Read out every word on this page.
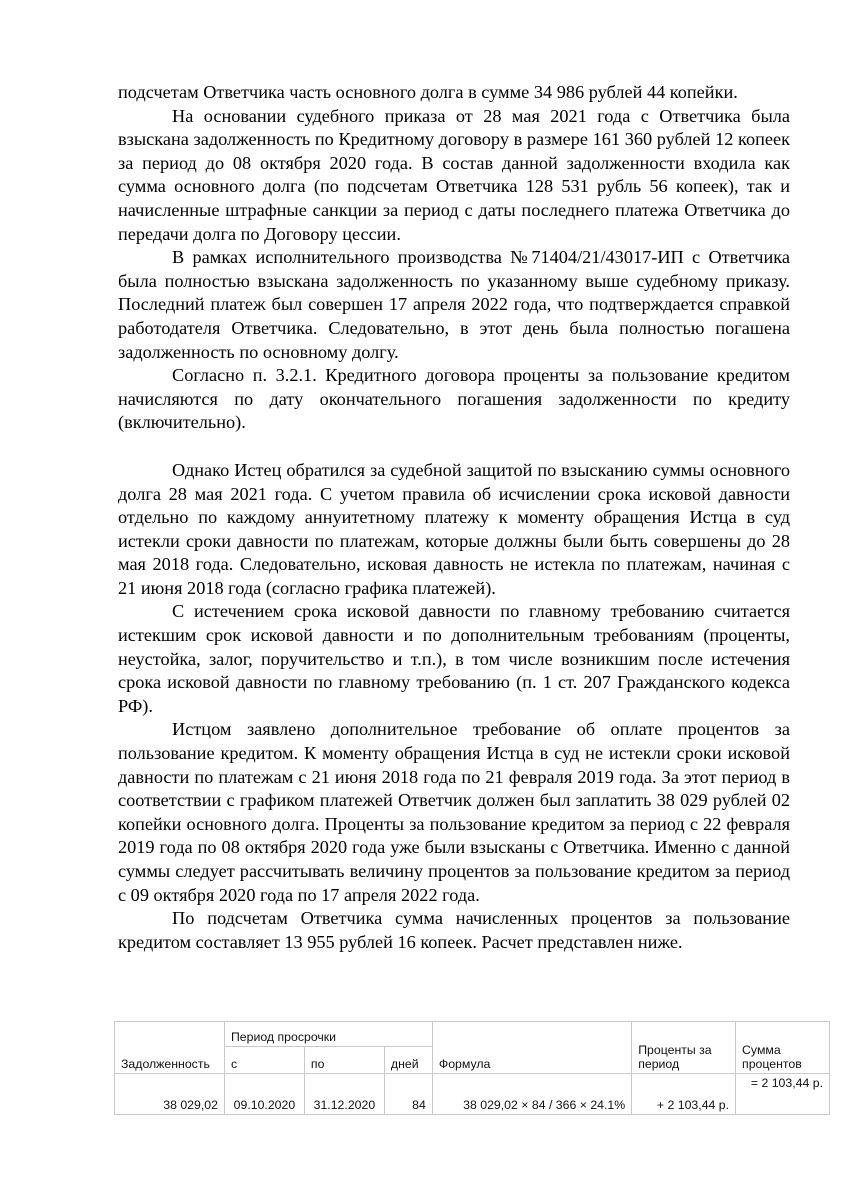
подсчетам Ответчика часть основного долга в сумме 34 986 рублей 44 копейки.

На основании судебного приказа от 28 мая 2021 года с Ответчика была взыскана задолженность по Кредитному договору в размере 161 360 рублей 12 копеек за период до 08 октября 2020 года. В состав данной задолженности входила как сумма основного долга (по подсчетам Ответчика 128 531 рубль 56 копеек), так и начисленные штрафные санкции за период с даты последнего платежа Ответчика до передачи долга по Договору цессии.

В рамках исполнительного производства №71404/21/43017-ИП с Ответчика была полностью взыскана задолженность по указанному выше судебному приказу. Последний платеж был совершен 17 апреля 2022 года, что подтверждается справкой работодателя Ответчика. Следовательно, в этот день была полностью погашена задолженность по основному долгу.

Согласно п. 3.2.1. Кредитного договора проценты за пользование кредитом начисляются по дату окончательного погашения задолженности по кредиту (включительно).

Однако Истец обратился за судебной защитой по взысканию суммы основного долга 28 мая 2021 года. С учетом правила об исчислении срока исковой давности отдельно по каждому аннуитетному платежу к моменту обращения Истца в суд истекли сроки давности по платежам, которые должны были быть совершены до 28 мая 2018 года. Следовательно, исковая давность не истекла по платежам, начиная с 21 июня 2018 года (согласно графика платежей).

С истечением срока исковой давности по главному требованию считается истекшим срок исковой давности и по дополнительным требованиям (проценты, неустойка, залог, поручительство и т.п.), в том числе возникшим после истечения срока исковой давности по главному требованию (п. 1 ст. 207 Гражданского кодекса РФ).

Истцом заявлено дополнительное требование об оплате процентов за пользование кредитом. К моменту обращения Истца в суд не истекли сроки исковой давности по платежам с 21 июня 2018 года по 21 февраля 2019 года. За этот период в соответствии с графиком платежей Ответчик должен был заплатить 38 029 рублей 02 копейки основного долга. Проценты за пользование кредитом за период с 22 февраля 2019 года по 08 октября 2020 года уже были взысканы с Ответчика. Именно с данной суммы следует рассчитывать величину процентов за пользование кредитом за период с 09 октября 2020 года по 17 апреля 2022 года.

По подсчетам Ответчика сумма начисленных процентов за пользование кредитом составляет 13 955 рублей 16 копеек. Расчет представлен ниже.

Задолженность	Период просрочки			Формула	Проценты за период	Сумма процентов
	с	по	дней			
38 029,02	09.10.2020	31.12.2020	84	38 029,02 × 84 / 366 × 24.1%	+ 2 103,44 р.	= 2 103,44 р.
